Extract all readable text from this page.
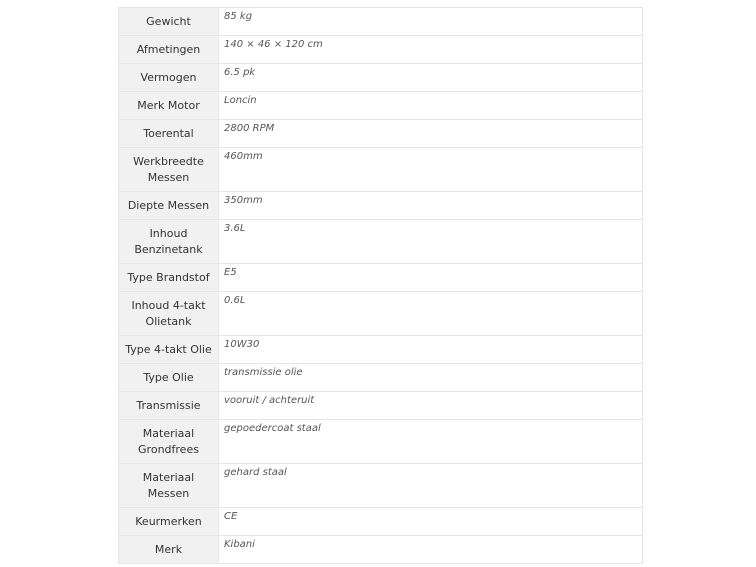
Gewicht	85 kg
Afmetingen	140 × 46 × 120 cm
Vermogen	6.5 pk
Merk Motor	Loncin
Toerental	2800 RPM
Werkbreedte Messen	460mm
Diepte Messen	350mm
Inhoud Benzinetank	3.6L
Type Brandstof	E5
Inhoud 4-takt Olietank	0.6L
Type 4-takt Olie	10W30
Type Olie	transmissie olie
Transmissie	vooruit / achteruit
Materiaal Grondfrees	gepoedercoat staal
Materiaal Messen	gehard staal
Keurmerken	CE
Merk	Kibani
